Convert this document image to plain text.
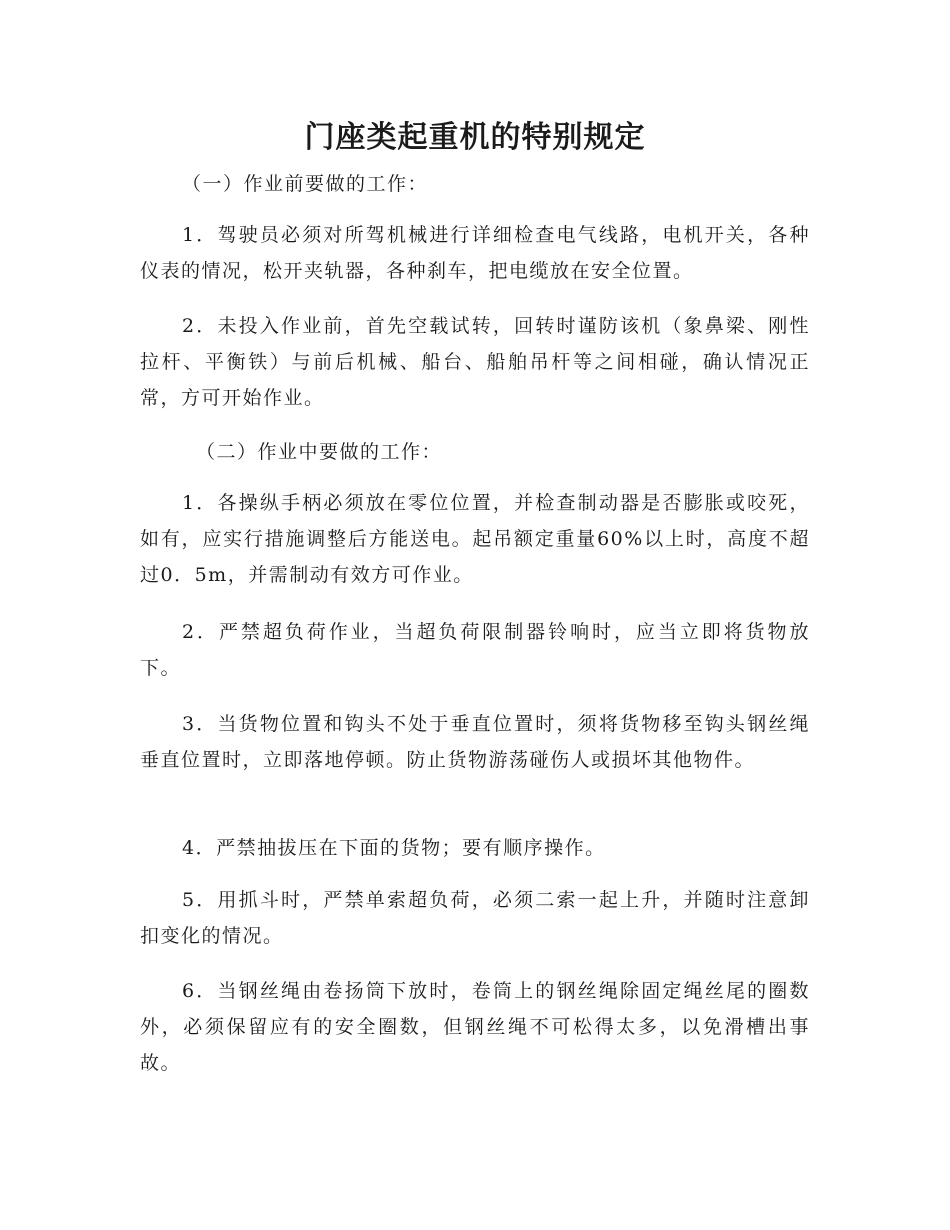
门座类起重机的特别规定

（一）作业前要做的工作：

1．驾驶员必须对所驾机械进行详细检查电气线路，电机开关，各种仪表的情况，松开夹轨器，各种刹车，把电缆放在安全位置。

2．未投入作业前，首先空载试转，回转时谨防该机（象鼻梁、刚性拉杆、平衡铁）与前后机械、船台、船舶吊杆等之间相碰，确认情况正常，方可开始作业。

（二）作业中要做的工作：

1．各操纵手柄必须放在零位位置，并检查制动器是否膨胀或咬死，如有，应实行措施调整后方能送电。起吊额定重量60%以上时，高度不超过0．5m，并需制动有效方可作业。

2．严禁超负荷作业，当超负荷限制器铃响时，应当立即将货物放下。

3．当货物位置和钩头不处于垂直位置时，须将货物移至钩头钢丝绳垂直位置时，立即落地停顿。防止货物游荡碰伤人或损坏其他物件。

4．严禁抽拔压在下面的货物；要有顺序操作。

5．用抓斗时，严禁单索超负荷，必须二索一起上升，并随时注意卸扣变化的情况。

6．当钢丝绳由卷扬筒下放时，卷筒上的钢丝绳除固定绳丝尾的圈数外，必须保留应有的安全圈数，但钢丝绳不可松得太多，以免滑槽出事故。
